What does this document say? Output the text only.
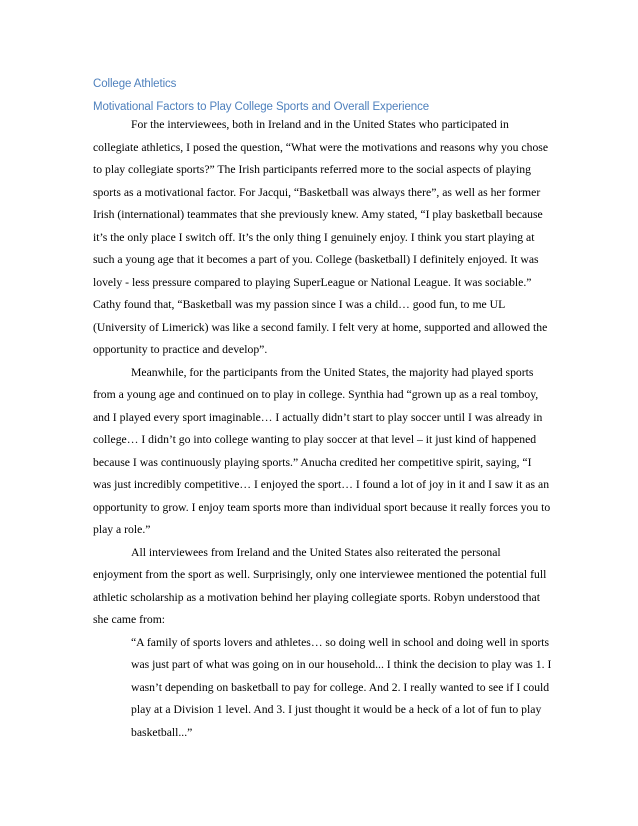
College Athletics
Motivational Factors to Play College Sports and Overall Experience
For the interviewees, both in Ireland and in the United States who participated in
collegiate athletics, I posed the question, “What were the motivations and reasons why you chose
to play collegiate sports?” The Irish participants referred more to the social aspects of playing
sports as a motivational factor. For Jacqui, “Basketball was always there”, as well as her former
Irish (international) teammates that she previously knew. Amy stated, “I play basketball because
it’s the only place I switch off. It’s the only thing I genuinely enjoy. I think you start playing at
such a young age that it becomes a part of you. College (basketball) I definitely enjoyed. It was
lovely - less pressure compared to playing SuperLeague or National League. It was sociable.”
Cathy found that, “Basketball was my passion since I was a child… good fun, to me UL
(University of Limerick) was like a second family. I felt very at home, supported and allowed the
opportunity to practice and develop”.
Meanwhile, for the participants from the United States, the majority had played sports
from a young age and continued on to play in college. Synthia had “grown up as a real tomboy,
and I played every sport imaginable… I actually didn’t start to play soccer until I was already in
college… I didn’t go into college wanting to play soccer at that level – it just kind of happened
because I was continuously playing sports.” Anucha credited her competitive spirit, saying, “I
was just incredibly competitive… I enjoyed the sport… I found a lot of joy in it and I saw it as an
opportunity to grow. I enjoy team sports more than individual sport because it really forces you to
play a role.”
All interviewees from Ireland and the United States also reiterated the personal
enjoyment from the sport as well. Surprisingly, only one interviewee mentioned the potential full
athletic scholarship as a motivation behind her playing collegiate sports. Robyn understood that
she came from:
“A family of sports lovers and athletes… so doing well in school and doing well in sports
was just part of what was going on in our household... I think the decision to play was 1. I
wasn’t depending on basketball to pay for college. And 2. I really wanted to see if I could
play at a Division 1 level. And 3. I just thought it would be a heck of a lot of fun to play
basketball...”
